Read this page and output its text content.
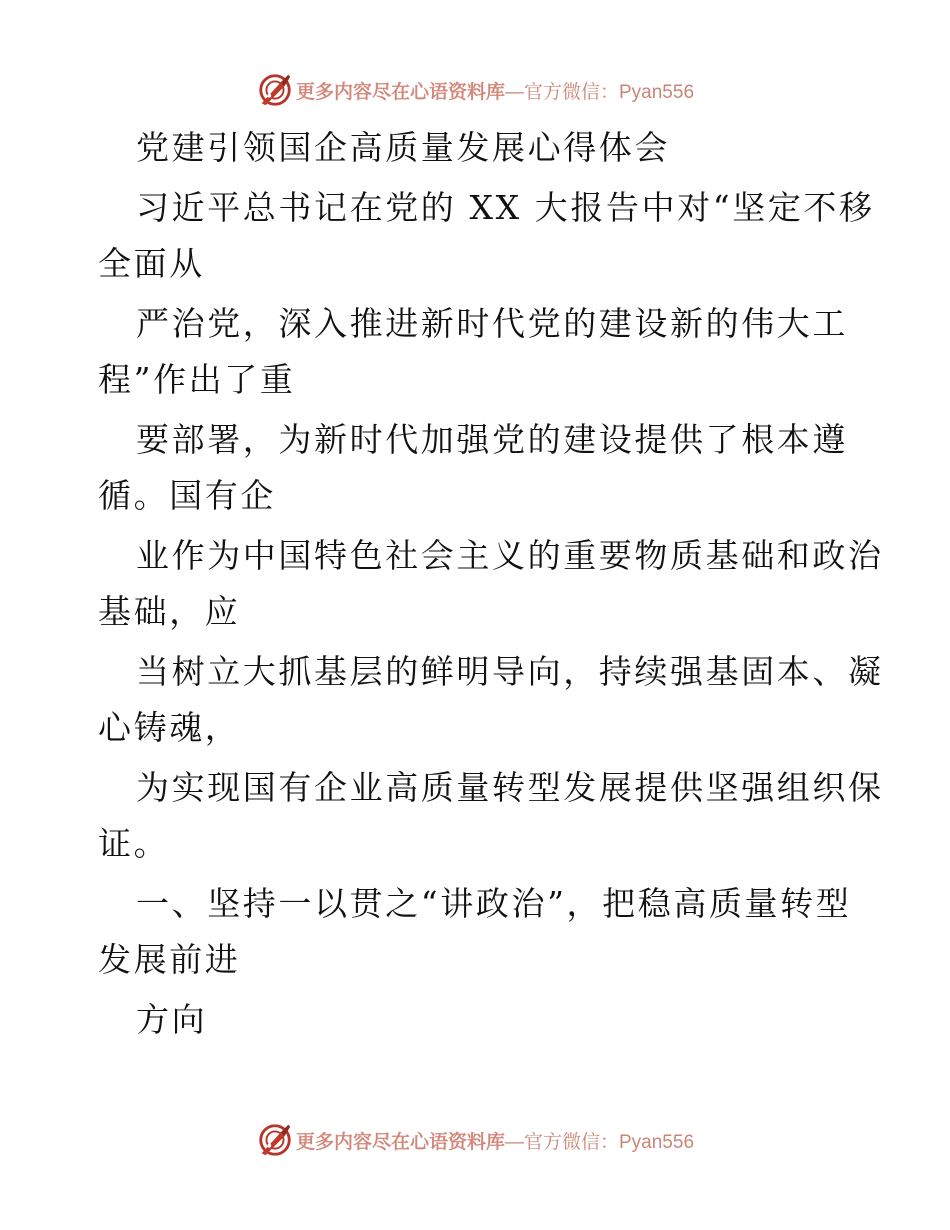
更多内容尽在心语资料库 —官方微信：Pyan556
党建引领国企高质量发展心得体会
习近平总书记在党的 XX 大报告中对“坚定不移
全面从
严治党，深入推进新时代党的建设新的伟大工
程”作出了重
要部署，为新时代加强党的建设提供了根本遵
循。国有企
业作为中国特色社会主义的重要物质基础和政治
基础，应
当树立大抓基层的鲜明导向，持续强基固本、凝
心铸魂，
为实现国有企业高质量转型发展提供坚强组织保
证。
一、坚持一以贯之“讲政治”，把稳高质量转型
发展前进
方向
更多内容尽在心语资料库 —官方微信：Pyan556
